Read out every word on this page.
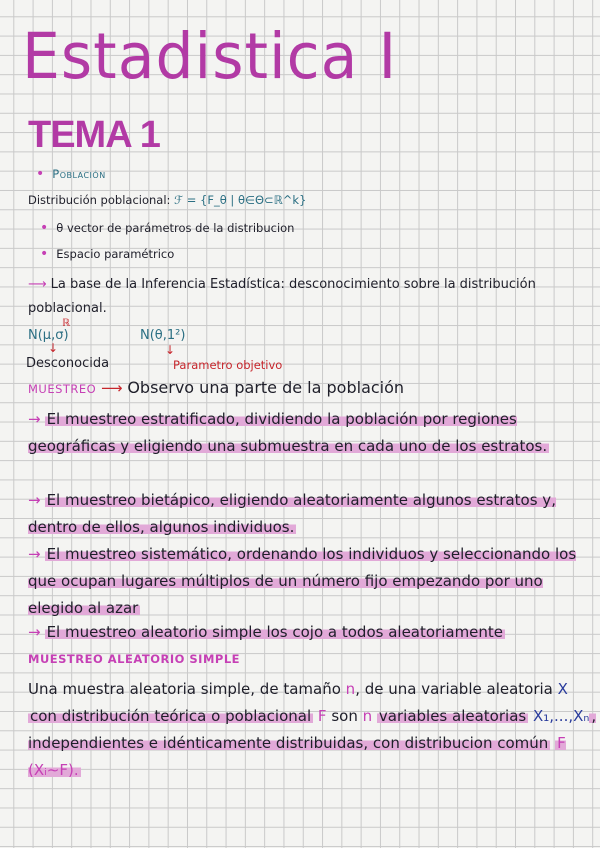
Estadistica I
TEMA 1
• Población
Distribución poblacional: ℱ = {F_θ | θ∈Θ⊂ℝ^k}
• θ vector de parámetros de la distribucion
• Espacio paramétrico
⟶ La base de la Inferencia Estadística: desconocimiento sobre la distribución poblacional.
ℝ
N(μ,σ)	N(θ,1²)
↓	↓
Desconocida	Parametro objetivo
MUESTREO ⟶ Observo una parte de la población
→ El muestreo estratificado, dividiendo la población por regiones geográficas y eligiendo una submuestra en cada uno de los estratos.
→ El muestreo bietápico, eligiendo aleatoriamente algunos estratos y, dentro de ellos, algunos individuos.
→ El muestreo sistemático, ordenando los individuos y seleccionando los que ocupan lugares múltiplos de un número fijo empezando por uno elegido al azar
→ El muestreo aleatorio simple los cojo a todos aleatoriamente
MUESTREO ALEATORIO SIMPLE
Una muestra aleatoria simple, de tamaño n, de una variable aleatoria X con distribución teórica o poblacional F son n variables aleatorias X₁,...,Xₙ , independientes e idénticamente distribuidas, con distribucion común F (Xᵢ∼F).
